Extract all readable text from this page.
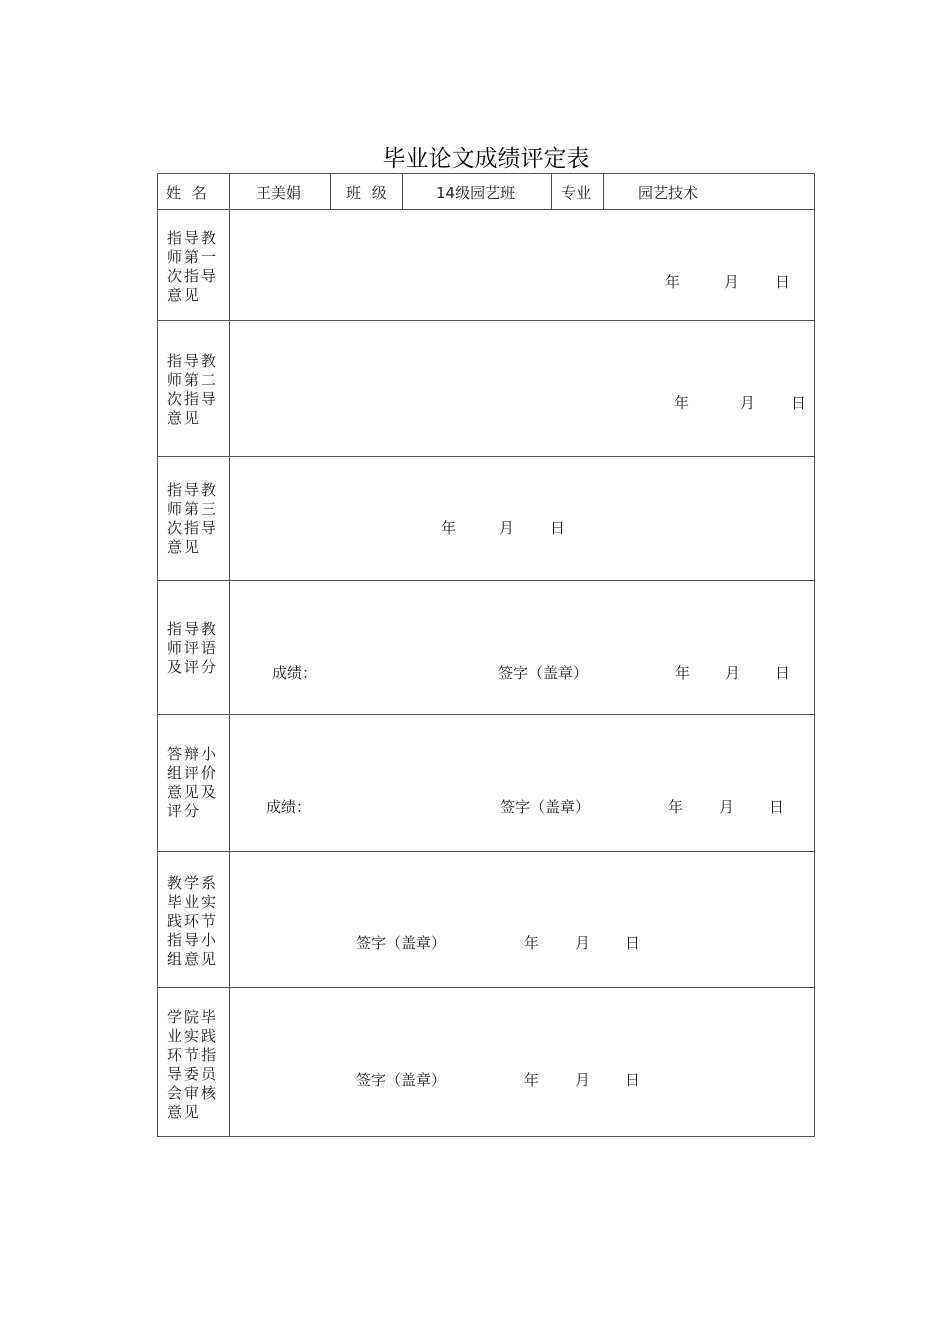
毕业论文成绩评定表
姓 名	王美娟	班 级	14级园艺班	专业	园艺技术
指导教
师第一
次指导
意见
年	月 日
指导教
师第二
次指导
意见
年	月 日
指导教
师第三
次指导
意见
年	月 日
指导教
师评语
及评分	成绩：	签字（盖章）	年 月 日
答辩小
组评价
意见及
评分	成绩：	签字（盖章）	年 月 日
教学系
毕业实
践环节
指导小
组意见
签字（盖章）	年 月 日
学院毕
业实践
环节指
导委员
会审核
意见
签字（盖章）	年 月 日
